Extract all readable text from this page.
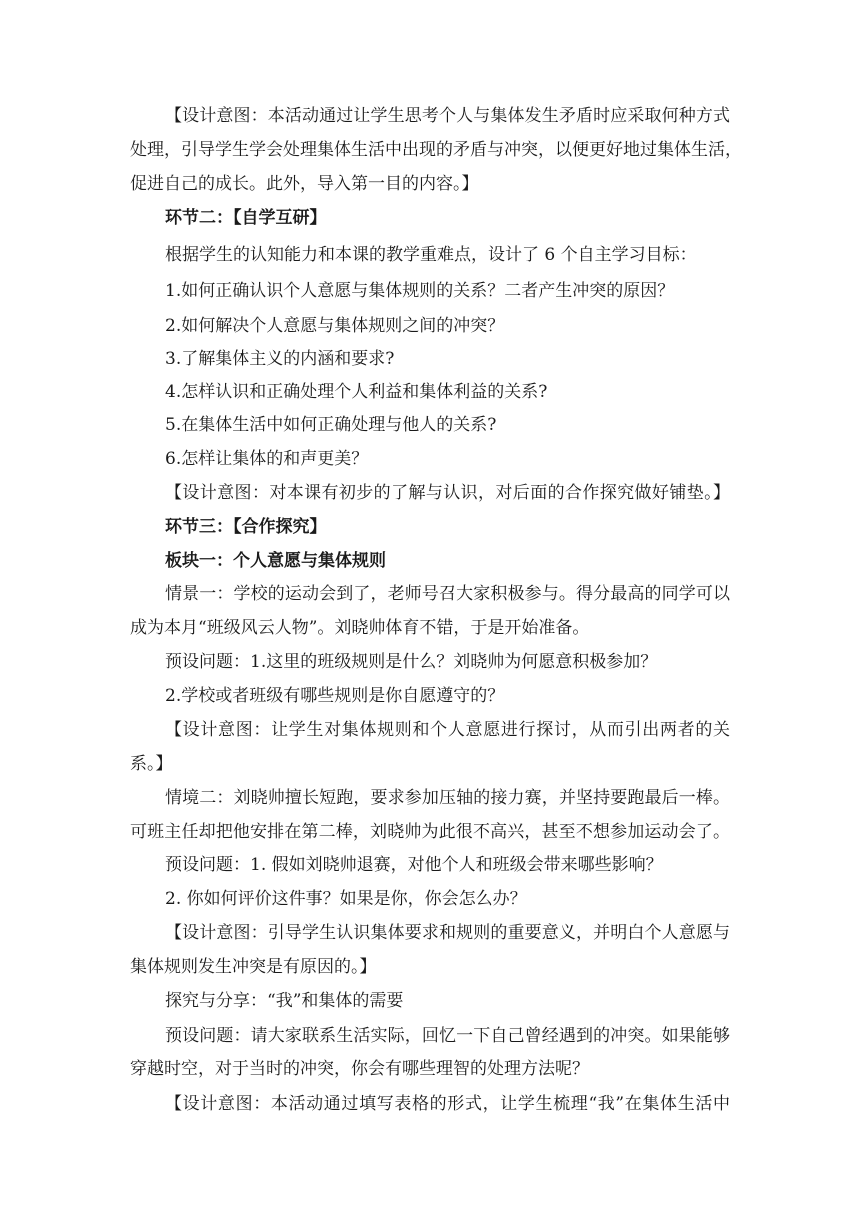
【设计意图：本活动通过让学生思考个人与集体发生矛盾时应采取何种方式
处理，引导学生学会处理集体生活中出现的矛盾与冲突，以便更好地过集体生活，
促进自己的成长。此外，导入第一目的内容。】
环节二：【自学互研】
根据学生的认知能力和本课的教学重难点，设计了 6 个自主学习目标：
1.如何正确认识个人意愿与集体规则的关系？二者产生冲突的原因？
2.如何解决个人意愿与集体规则之间的冲突？
3.了解集体主义的内涵和要求?
4.怎样认识和正确处理个人利益和集体利益的关系?
5.在集体生活中如何正确处理与他人的关系?
6.怎样让集体的和声更美？
【设计意图：对本课有初步的了解与认识，对后面的合作探究做好铺垫。】
环节三：【合作探究】
板块一：个人意愿与集体规则
情景一：学校的运动会到了，老师号召大家积极参与。得分最高的同学可以
成为本月“班级风云人物”。刘晓帅体育不错，于是开始准备。
预设问题：1.这里的班级规则是什么？刘晓帅为何愿意积极参加？
2.学校或者班级有哪些规则是你自愿遵守的？
【设计意图：让学生对集体规则和个人意愿进行探讨，从而引出两者的关
系。】
情境二：刘晓帅擅长短跑，要求参加压轴的接力赛，并坚持要跑最后一棒。
可班主任却把他安排在第二棒，刘晓帅为此很不高兴，甚至不想参加运动会了。
预设问题：1. 假如刘晓帅退赛，对他个人和班级会带来哪些影响？
2. 你如何评价这件事？如果是你，你会怎么办？
【设计意图：引导学生认识集体要求和规则的重要意义，并明白个人意愿与
集体规则发生冲突是有原因的。】
探究与分享：“我”和集体的需要
预设问题：请大家联系生活实际，回忆一下自己曾经遇到的冲突。如果能够
穿越时空，对于当时的冲突，你会有哪些理智的处理方法呢？
【设计意图：本活动通过填写表格的形式，让学生梳理“我”在集体生活中
